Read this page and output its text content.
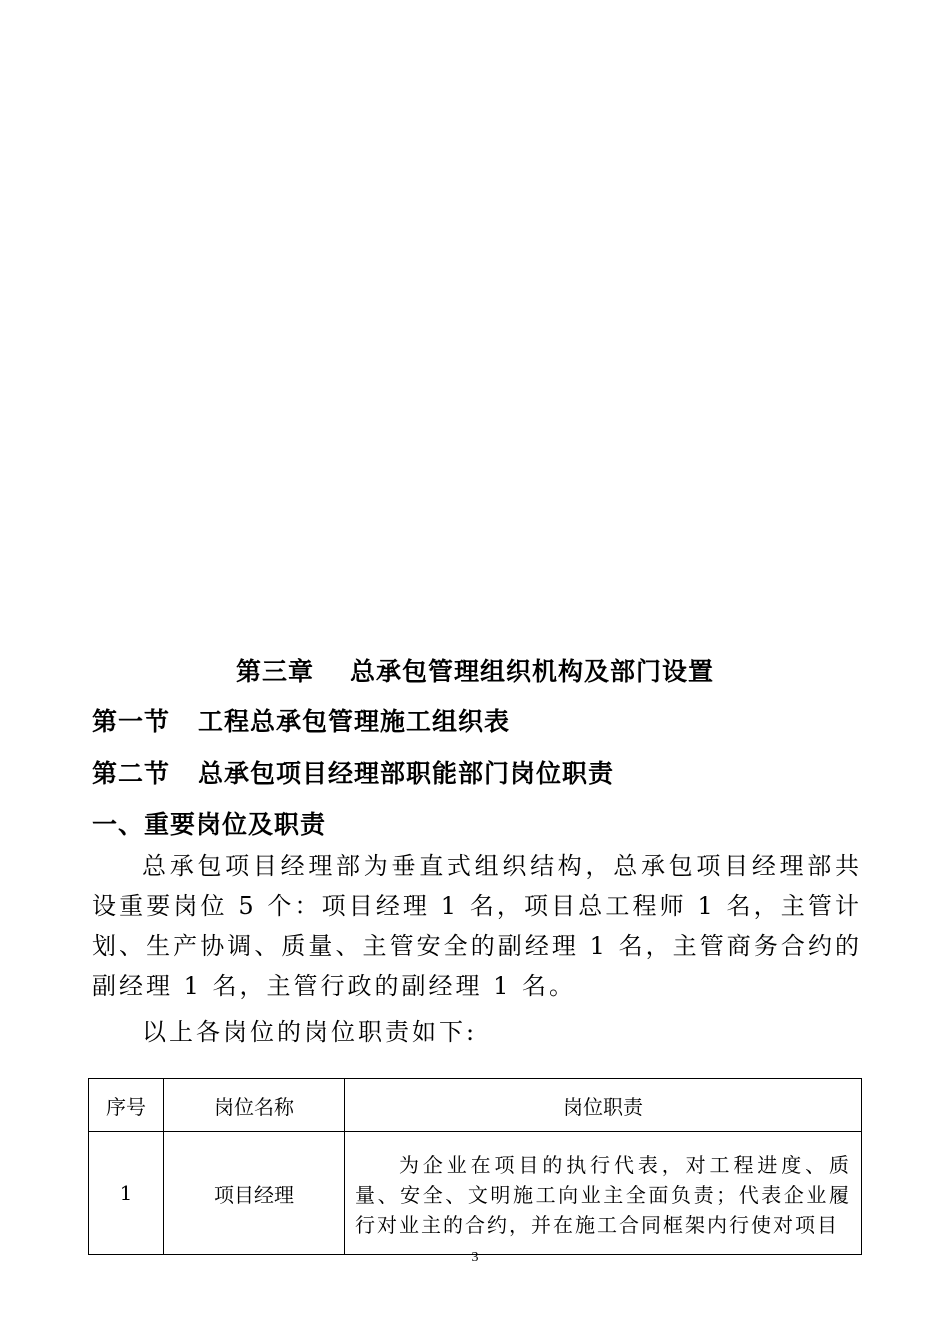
第三章 总承包管理组织机构及部门设置
第一节 工程总承包管理施工组织表
第二节 总承包项目经理部职能部门岗位职责
一、重要岗位及职责

总承包项目经理部为垂直式组织结构，总承包项目经理部共设重要岗位 5 个：项目经理 1 名，项目总工程师 1 名，主管计划、生产协调、质量、主管安全的副经理 1 名，主管商务合约的副经理 1 名，主管行政的副经理 1 名。

以上各岗位的岗位职责如下:

序号	岗位名称	岗位职责
1	项目经理	为企业在项目的执行代表，对工程进度、质量、安全、文明施工向业主全面负责；代表企业履行对业主的合约，并在施工合同框架内行使对项目
3
